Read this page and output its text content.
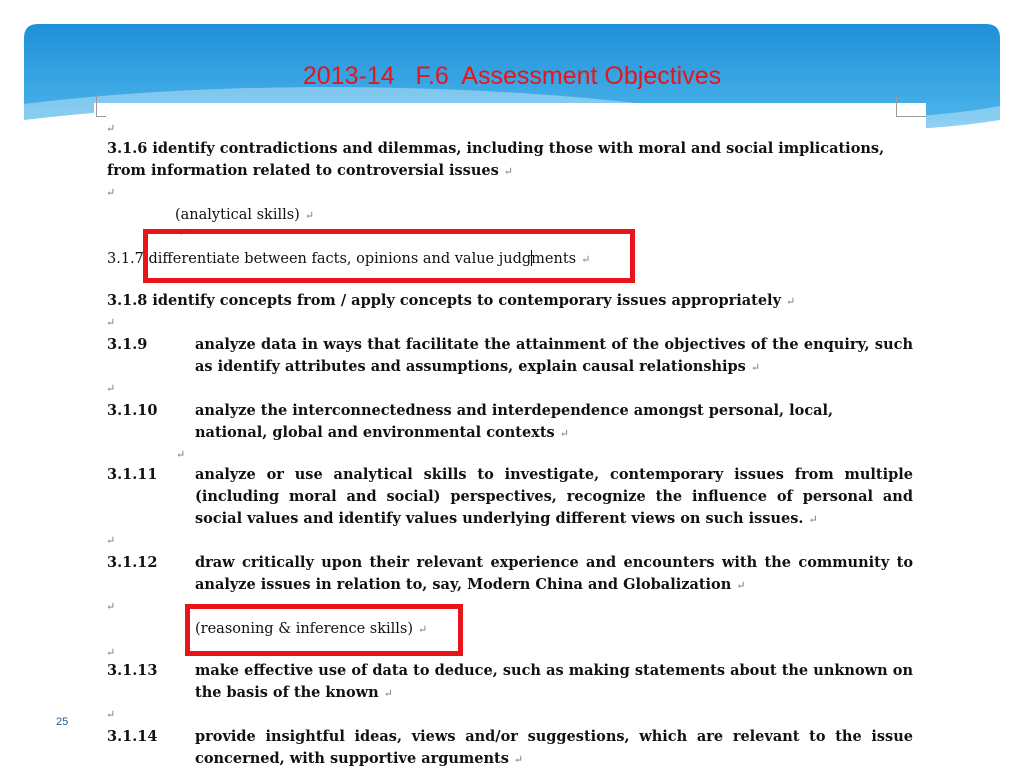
2013-14   F.6  Assessment Objectives
↵
3.1.6 identify contradictions and dilemmas, including those with moral and social implications,
from information related to controversial issues ↵
↵
(analytical skills) ↵
↵
3.1.7 differentiate between facts, opinions and value judgments ↵
3.1.8 identify concepts from / apply concepts to contemporary issues appropriately ↵
↵
3.1.9	analyze data in ways that facilitate the attainment of the objectives of the enquiry, such as identify attributes and assumptions, explain causal relationships ↵
↵
3.1.10	analyze the interconnectedness and interdependence amongst personal, local, national, global and environmental contexts ↵
↵
3.1.11	analyze or use analytical skills to investigate, contemporary issues from multiple (including moral and social) perspectives, recognize the influence of personal and social values and identify values underlying different views on such issues. ↵
↵
3.1.12	draw critically upon their relevant experience and encounters with the community to analyze issues in relation to, say, Modern China and Globalization ↵
↵
(reasoning & inference skills) ↵
↵
3.1.13	make effective use of data to deduce, such as making statements about the unknown on the basis of the known ↵
↵
3.1.14	provide insightful ideas, views and/or suggestions, which are relevant to the issue concerned, with supportive arguments ↵
25
